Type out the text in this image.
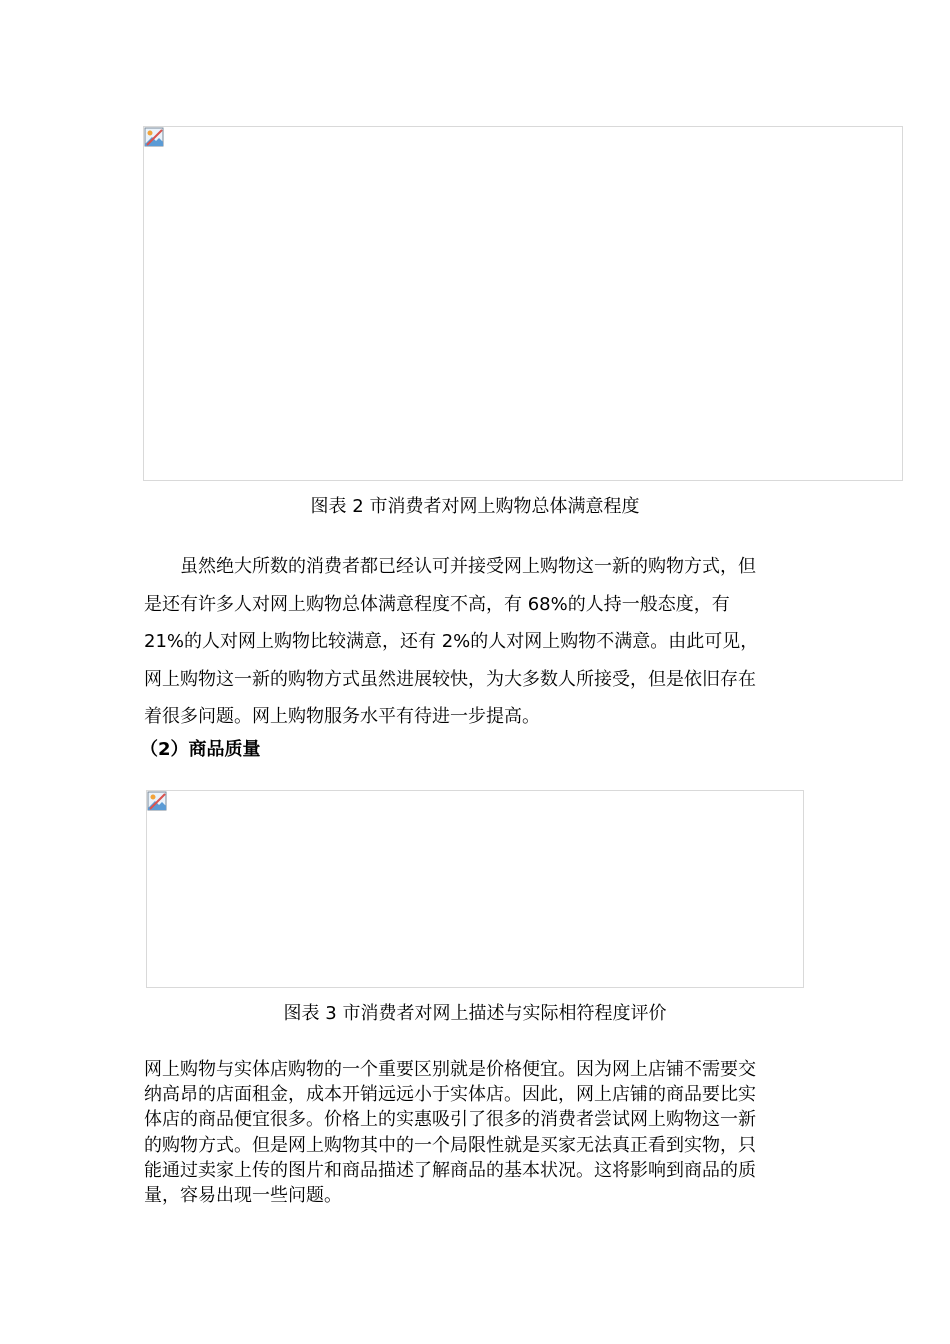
图表 2 市消费者对网上购物总体满意程度
虽然绝大所数的消费者都已经认可并接受网上购物这一新的购物方式，但
是还有许多人对网上购物总体满意程度不高，有 68%的人持一般态度，有
21%的人对网上购物比较满意，还有 2%的人对网上购物不满意。由此可见，
网上购物这一新的购物方式虽然进展较快，为大多数人所接受，但是依旧存在
着很多问题。网上购物服务水平有待进一步提高。
（2）商品质量
图表 3 市消费者对网上描述与实际相符程度评价
网上购物与实体店购物的一个重要区别就是价格便宜。因为网上店铺不需要交
纳高昂的店面租金，成本开销远远小于实体店。因此，网上店铺的商品要比实
体店的商品便宜很多。价格上的实惠吸引了很多的消费者尝试网上购物这一新
的购物方式。但是网上购物其中的一个局限性就是买家无法真正看到实物，只
能通过卖家上传的图片和商品描述了解商品的基本状况。这将影响到商品的质
量，容易出现一些问题。
